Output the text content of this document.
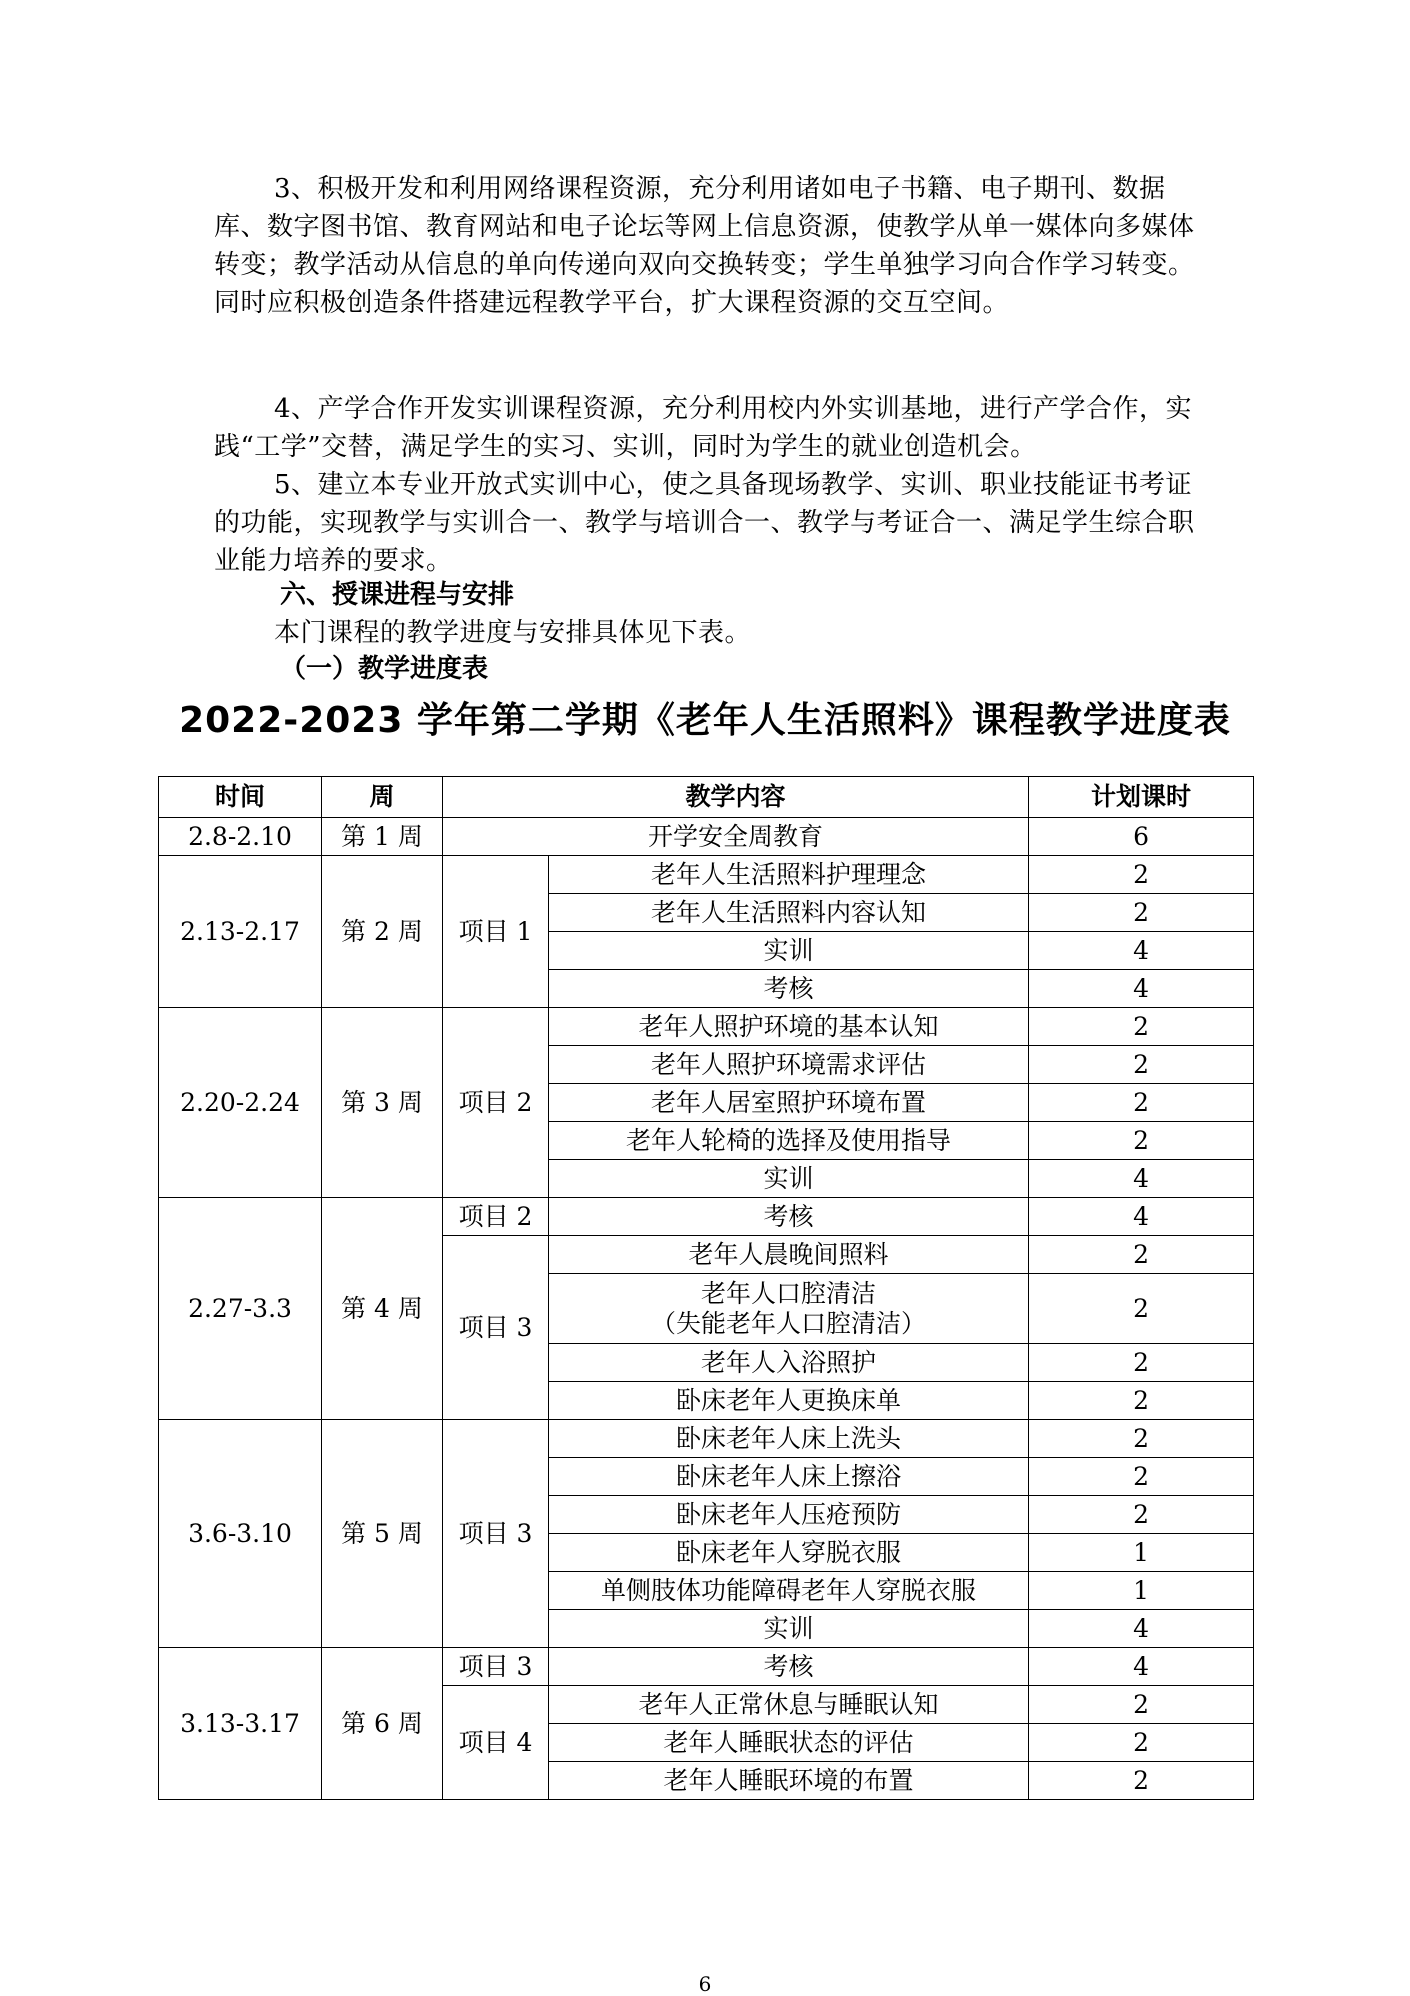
3、积极开发和利用网络课程资源，充分利用诸如电子书籍、电子期刊、数据库、数字图书馆、教育网站和电子论坛等网上信息资源，使教学从单一媒体向多媒体转变；教学活动从信息的单向传递向双向交换转变；学生单独学习向合作学习转变。同时应积极创造条件搭建远程教学平台，扩大课程资源的交互空间。

4、产学合作开发实训课程资源，充分利用校内外实训基地，进行产学合作，实践“工学”交替，满足学生的实习、实训，同时为学生的就业创造机会。

5、建立本专业开放式实训中心，使之具备现场教学、实训、职业技能证书考证的功能，实现教学与实训合一、教学与培训合一、教学与考证合一、满足学生综合职业能力培养的要求。

六、授课进程与安排
本门课程的教学进度与安排具体见下表。
（一）教学进度表
2022-2023 学年第二学期《老年人生活照料》课程教学进度表
时间	周	教学内容		计划课时
2.8-2.10	第 1 周	开学安全周教育		6
2.13-2.17	第 2 周	项目 1	老年人生活照料护理理念	2
			老年人生活照料内容认知	2
			实训	4
			考核	4
2.20-2.24	第 3 周	项目 2	老年人照护环境的基本认知	2
			老年人照护环境需求评估	2
			老年人居室照护环境布置	2
			老年人轮椅的选择及使用指导	2
			实训	4
2.27-3.3	第 4 周	项目 2	考核	4
		项目 3	老年人晨晚间照料	2

			老年人口腔清洁
（失能老年人口腔清洁）	2
			老年人入浴照护	2
			卧床老年人更换床单	2
3.6-3.10	第 5 周	项目 3	卧床老年人床上洗头	2
			卧床老年人床上擦浴	2
			卧床老年人压疮预防	2
			卧床老年人穿脱衣服	1
			单侧肢体功能障碍老年人穿脱衣服	1
			实训	4
3.13-3.17	第 6 周	项目 3	考核	4
		项目 4	老年人正常休息与睡眠认知	2
			老年人睡眠状态的评估	2
			老年人睡眠环境的布置	2
6
